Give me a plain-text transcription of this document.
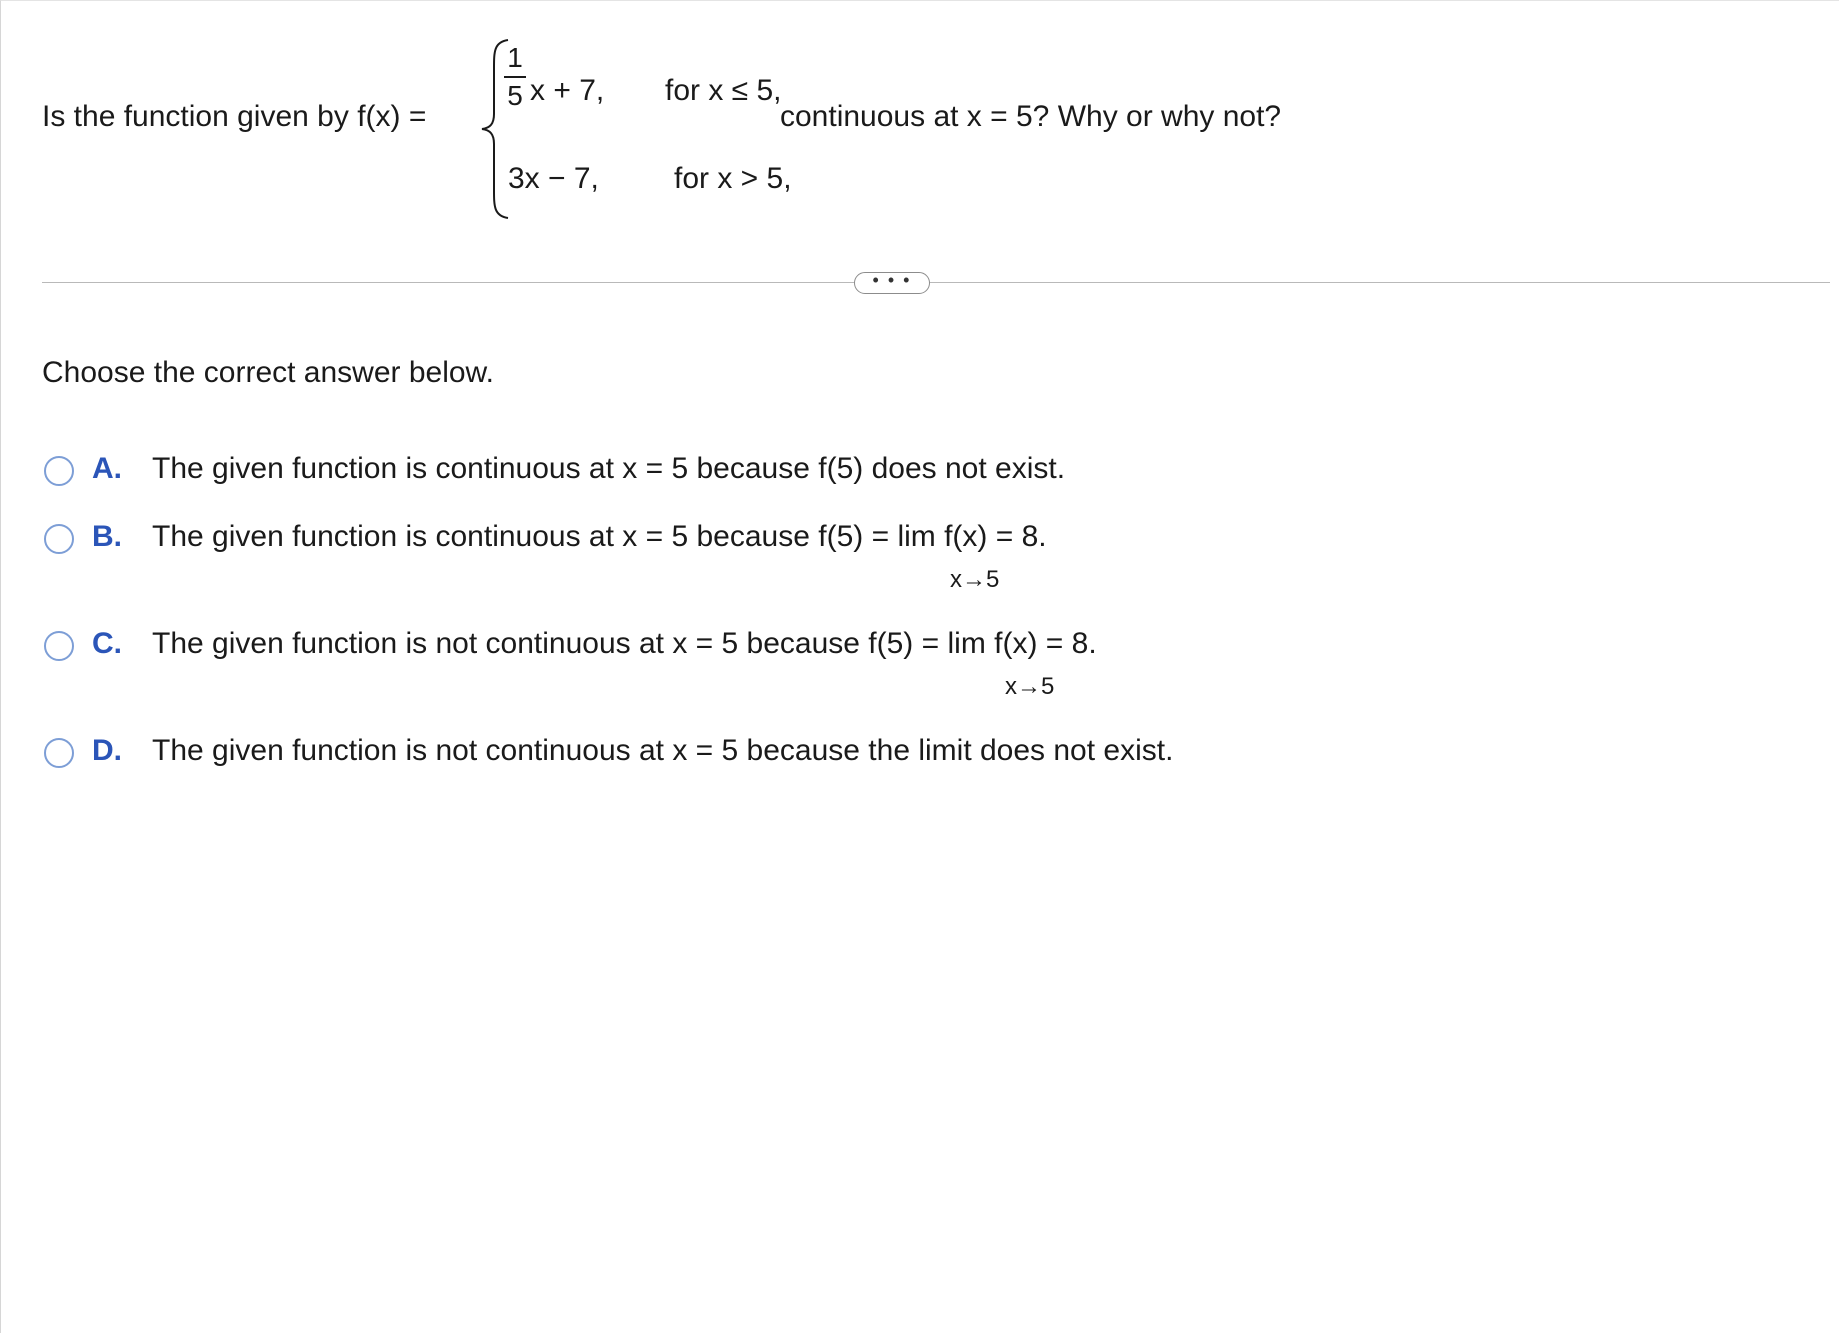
Is the function given by f(x) =
1
5 x + 7, for x ≤ 5,
3x − 7,	for x > 5,
continuous at x = 5? Why or why not?
• • •
Choose the correct answer below.
A. The given function is continuous at x = 5 because f(5) does not exist.
B. The given function is continuous at x = 5 because f(5) = lim f(x) = 8.
x→5
C. The given function is not continuous at x = 5 because f(5) = lim f(x) = 8.
x→5
D. The given function is not continuous at x = 5 because the limit does not exist.
